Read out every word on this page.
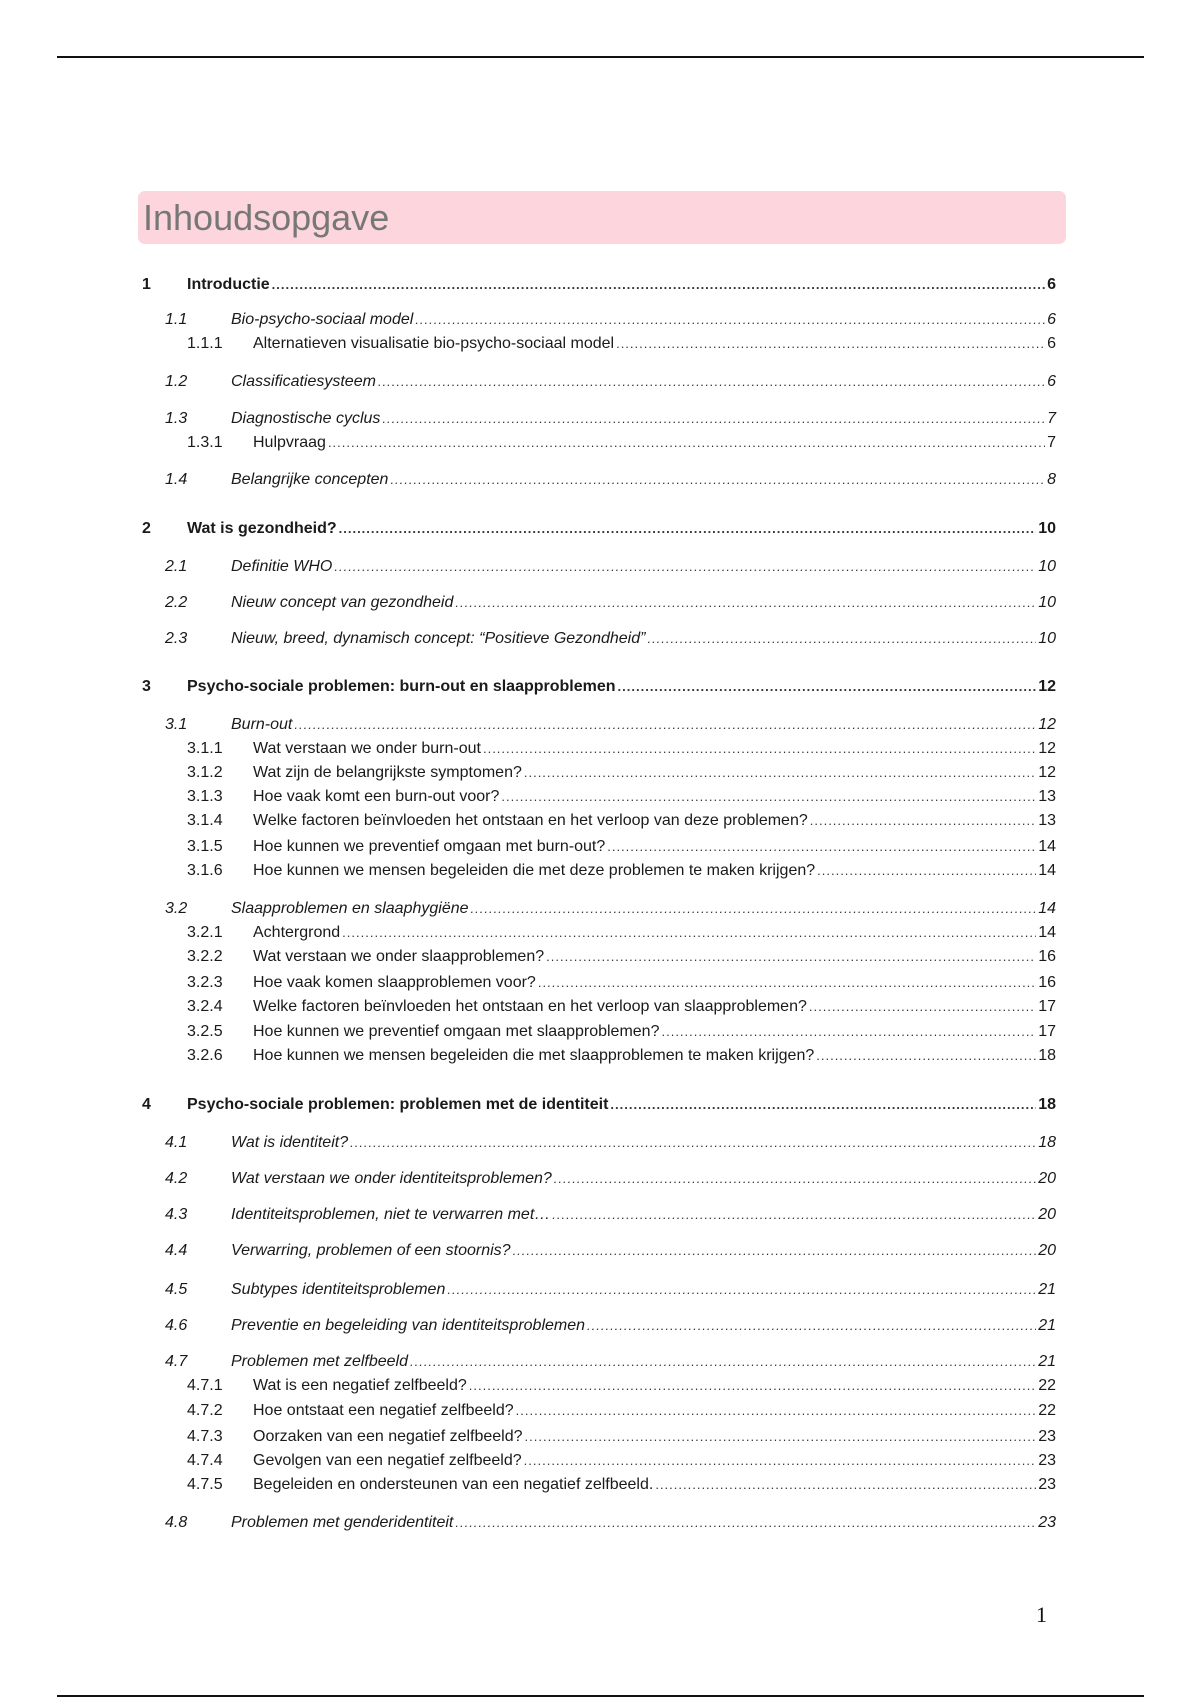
Inhoudsopgave
1 Introductie .....	6
1.1	Bio-psycho-sociaal model .....	6
1.1.1 Alternatieven visualisatie bio-psycho-sociaal model .....	6
1.2	Classificatiesysteem .....	6
1.3	Diagnostische cyclus .....	7
1.3.1 Hulpvraag .....	7
1.4	Belangrijke concepten .....	8
2 Wat is gezondheid? .....	10
2.1	Definitie WHO .....	10
2.2	Nieuw concept van gezondheid .....	10
2.3	Nieuw, breed, dynamisch concept: “Positieve Gezondheid” .....	10
3 Psycho-sociale problemen: burn-out en slaapproblemen .....	12
3.1	Burn-out .....	12
3.1.1 Wat verstaan we onder burn-out .....	12
3.1.2 Wat zijn de belangrijkste symptomen? .....	12
3.1.3 Hoe vaak komt een burn-out voor? .....	13
3.1.4 Welke factoren beïnvloeden het ontstaan en het verloop van deze problemen? .....	13
3.1.5 Hoe kunnen we preventief omgaan met burn-out? .....	14
3.1.6 Hoe kunnen we mensen begeleiden die met deze problemen te maken krijgen? .....	14
3.2	Slaapproblemen en slaaphygiëne .....	14
3.2.1 Achtergrond .....	14
3.2.2 Wat verstaan we onder slaapproblemen? .....	16
3.2.3 Hoe vaak komen slaapproblemen voor? .....	16
3.2.4 Welke factoren beïnvloeden het ontstaan en het verloop van slaapproblemen? .....	17
3.2.5 Hoe kunnen we preventief omgaan met slaapproblemen? .....	17
3.2.6 Hoe kunnen we mensen begeleiden die met slaapproblemen te maken krijgen? .....	18
4 Psycho-sociale problemen: problemen met de identiteit .....	18
4.1	Wat is identiteit? .....	18
4.2	Wat verstaan we onder identiteitsproblemen? .....	20
4.3	Identiteitsproblemen, niet te verwarren met… .....	20
4.4	Verwarring, problemen of een stoornis? .....	20
4.5	Subtypes identiteitsproblemen .....	21
4.6	Preventie en begeleiding van identiteitsproblemen .....	21
4.7	Problemen met zelfbeeld .....	21
4.7.1 Wat is een negatief zelfbeeld? .....	22
4.7.2 Hoe ontstaat een negatief zelfbeeld? .....	22
4.7.3 Oorzaken van een negatief zelfbeeld? .....	23
4.7.4 Gevolgen van een negatief zelfbeeld? .....	23
4.7.5 Begeleiden en ondersteunen van een negatief zelfbeeld. .....	23
4.8	Problemen met genderidentiteit .....	23
1
